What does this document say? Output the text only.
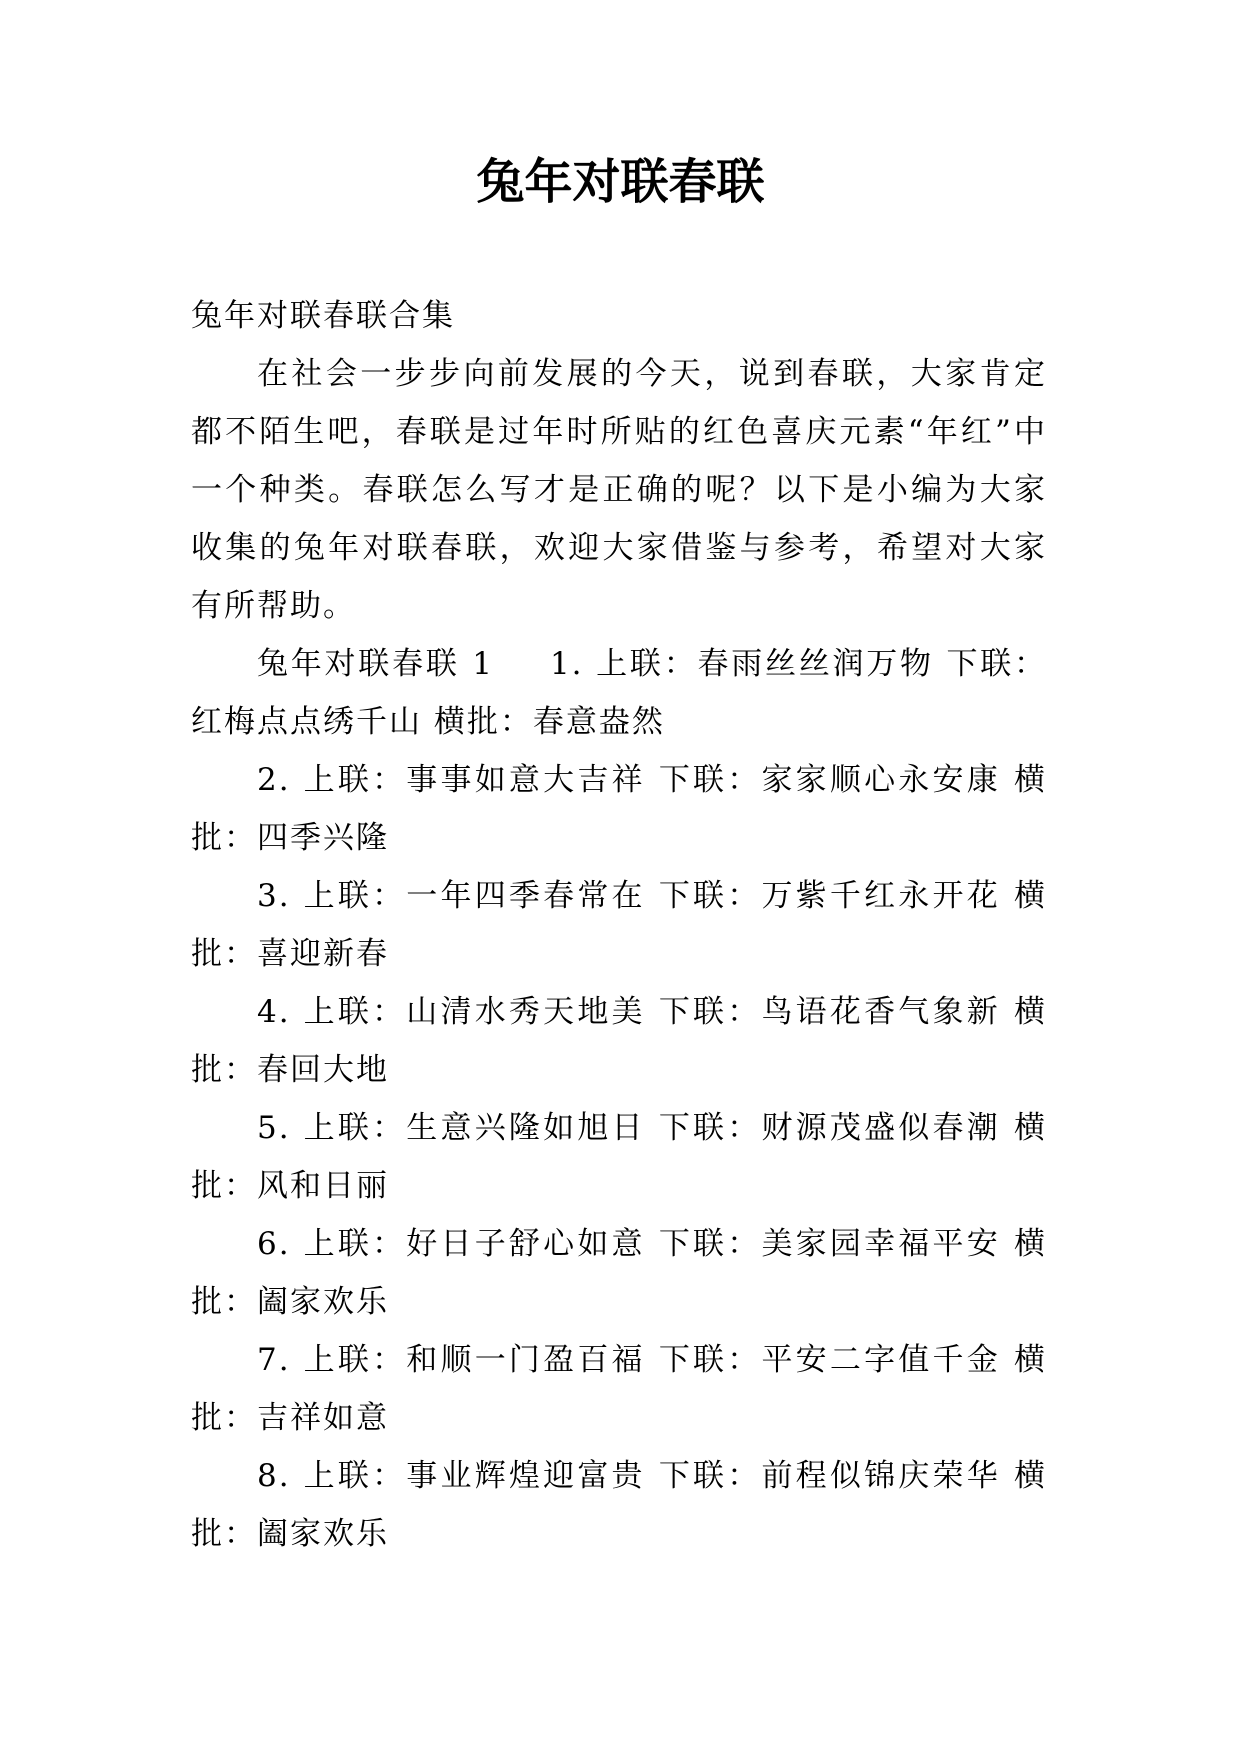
兔年对联春联

兔年对联春联合集

在社会一步步向前发展的今天，说到春联，大家肯定都不陌生吧，春联是过年时所贴的红色喜庆元素“年红”中一个种类。春联怎么写才是正确的呢？以下是小编为大家收集的兔年对联春联，欢迎大家借鉴与参考，希望对大家有所帮助。

兔年对联春联 1 1. 上联：春雨丝丝润万物 下联：红梅点点绣千山 横批：春意盎然

2. 上联：事事如意大吉祥 下联：家家顺心永安康 横批：四季兴隆

3. 上联：一年四季春常在 下联：万紫千红永开花 横批：喜迎新春

4. 上联：山清水秀天地美 下联：鸟语花香气象新 横批：春回大地

5. 上联：生意兴隆如旭日 下联：财源茂盛似春潮 横批：风和日丽

6. 上联：好日子舒心如意 下联：美家园幸福平安 横批：阖家欢乐

7. 上联：和顺一门盈百福 下联：平安二字值千金 横批：吉祥如意

8. 上联：事业辉煌迎富贵 下联：前程似锦庆荣华 横批：阖家欢乐
